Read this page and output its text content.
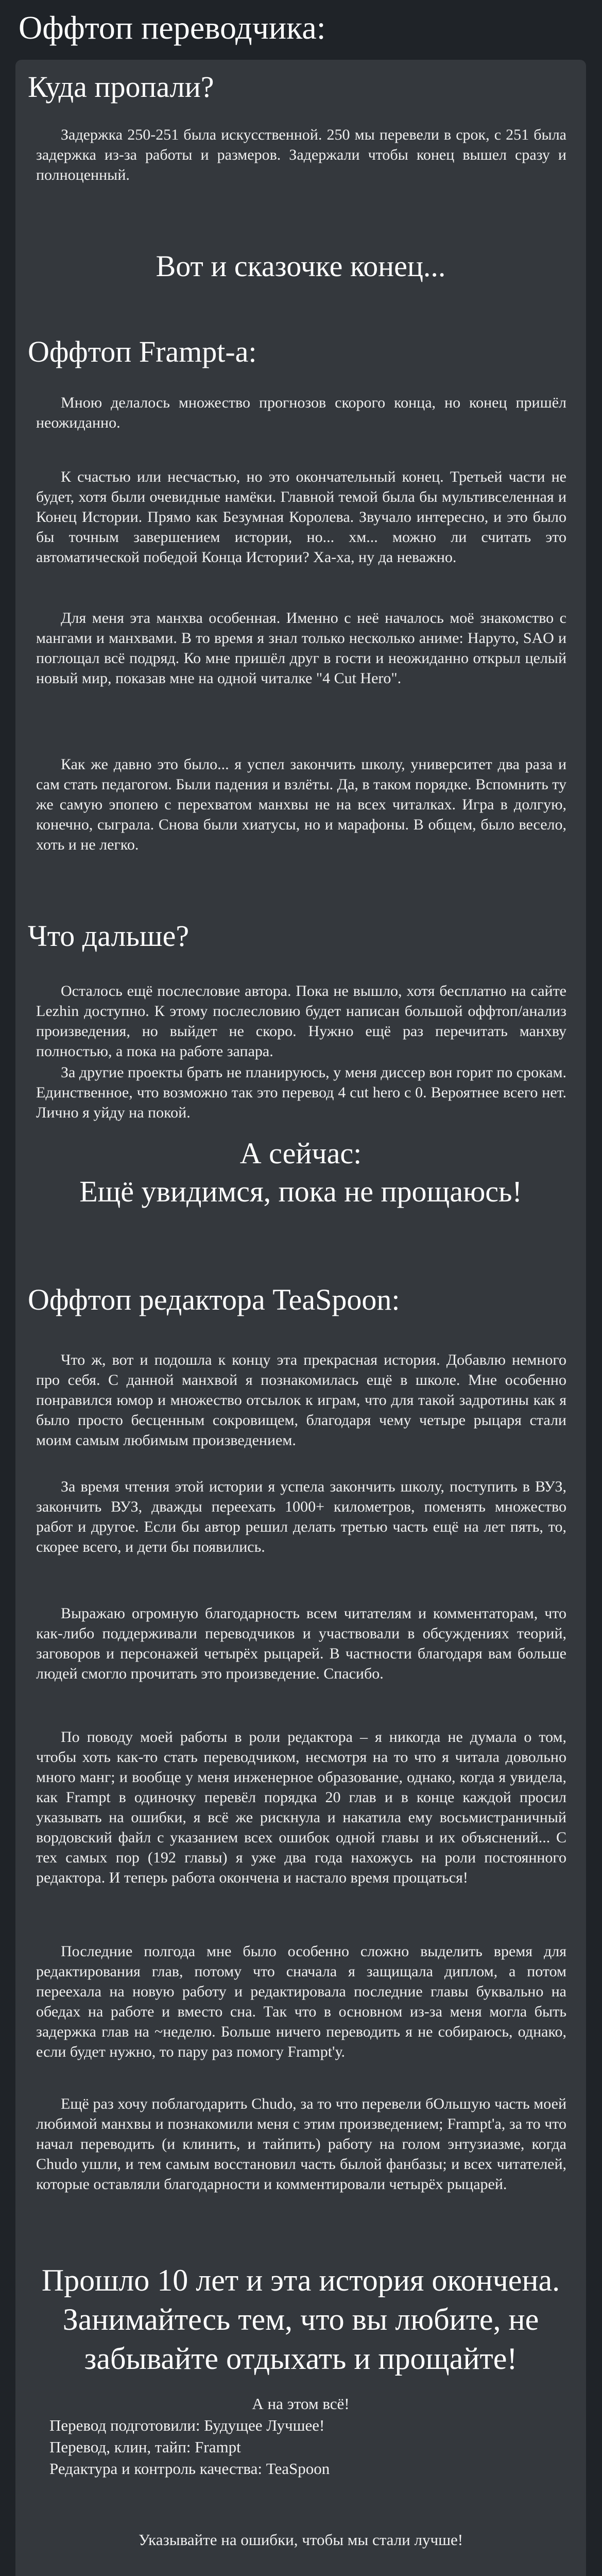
Оффтоп переводчика:
Куда пропали?

Задержка 250-251 была искусственной. 250 мы перевели в срок, с 251 была задержка из-за работы и размеров. Задержали чтобы конец вышел сразу и полноценный.

Вот и сказочке конец...
Оффтоп Frampt-а:

Мною делалось множество прогнозов скорого конца, но конец пришёл неожиданно.

К счастью или несчастью, но это окончательный конец. Третьей части не будет, хотя были очевидные намёки. Главной темой была бы мультивселенная и Конец Истории. Прямо как Безумная Королева. Звучало интересно, и это было бы точным завершением истории, но... хм... можно ли считать это автоматической победой Конца Истории? Ха-ха, ну да неважно.

Для меня эта манхва особенная. Именно с неё началось моё знакомство с мангами и манхвами. В то время я знал только несколько аниме: Наруто, SAO и поглощал всё подряд. Ко мне пришёл друг в гости и неожиданно открыл целый новый мир, показав мне на одной читалке "4 Cut Hero".

Как же давно это было... я успел закончить школу, университет два раза и сам стать педагогом. Были падения и взлёты. Да, в таком порядке. Вспомнить ту же самую эпопею с перехватом манхвы не на всех читалках. Игра в долгую, конечно, сыграла. Снова были хиатусы, но и марафоны. В общем, было весело, хоть и не легко.

Что дальше?

Осталось ещё послесловие автора. Пока не вышло, хотя бесплатно на сайте Lezhin доступно. К этому послесловию будет написан большой оффтоп/анализ произведения, но выйдет не скоро. Нужно ещё раз перечитать манхву полностью, а пока на работе запара.

За другие проекты брать не планируюсь, у меня диссер вон горит по срокам. Единственное, что возможно так это перевод 4 cut hero c 0. Вероятнее всего нет. Лично я уйду на покой.

А сейчас:
Ещё увидимся, пока не прощаюсь!
Оффтоп редактора TeaSpoon:

Что ж, вот и подошла к концу эта прекрасная история. Добавлю немного про себя. С данной манхвой я познакомилась ещё в школе. Мне особенно понравился юмор и множество отсылок к играм, что для такой задротины как я было просто бесценным сокровищем, благодаря чему четыре рыцаря стали моим самым любимым произведением.

За время чтения этой истории я успела закончить школу, поступить в ВУЗ, закончить ВУЗ, дважды переехать 1000+ километров, поменять множество работ и другое. Если бы автор решил делать третью часть ещё на лет пять, то, скорее всего, и дети бы появились.

Выражаю огромную благодарность всем читателям и комментаторам, что как-либо поддерживали переводчиков и участвовали в обсуждениях теорий, заговоров и персонажей четырёх рыцарей. В частности благодаря вам больше людей смогло прочитать это произведение. Спасибо.

По поводу моей работы в роли редактора – я никогда не думала о том, чтобы хоть как-то стать переводчиком, несмотря на то что я читала довольно много манг; и вообще у меня инженерное образование, однако, когда я увидела, как Frampt в одиночку перевёл порядка 20 глав и в конце каждой просил указывать на ошибки, я всё же рискнула и накатила ему восьмистраничный вордовский файл с указанием всех ошибок одной главы и их объяснений... С тех самых пор (192 главы) я уже два года нахожусь на роли постоянного редактора. И теперь работа окончена и настало время прощаться!

Последние полгода мне было особенно сложно выделить время для редактирования глав, потому что сначала я защищала диплом, а потом переехала на новую работу и редактировала последние главы буквально на обедах на работе и вместо сна. Так что в основном из-за меня могла быть задержка глав на ~неделю. Больше ничего переводить я не собираюсь, однако, если будет нужно, то пару раз помогу Frampt'у.

Ещё раз хочу поблагодарить Chudo, за то что перевели бОльшую часть моей любимой манхвы и познакомили меня с этим произведением; Frampt'а, за то что начал переводить (и клинить, и тайпить) работу на голом энтузиазме, когда Chudo ушли, и тем самым восстановил часть былой фанбазы; и всех читателей, которые оставляли благодарности и комментировали четырёх рыцарей.

Прошло 10 лет и эта история окончена. Занимайтесь тем, что вы любите, не забывайте отдыхать и прощайте!

А на этом всё!

Перевод подготовили: Будущее Лучшее!

Перевод, клин, тайп: Frampt

Редактура и контроль качества: TeaSpoon

Указывайте на ошибки, чтобы мы стали лучше!
